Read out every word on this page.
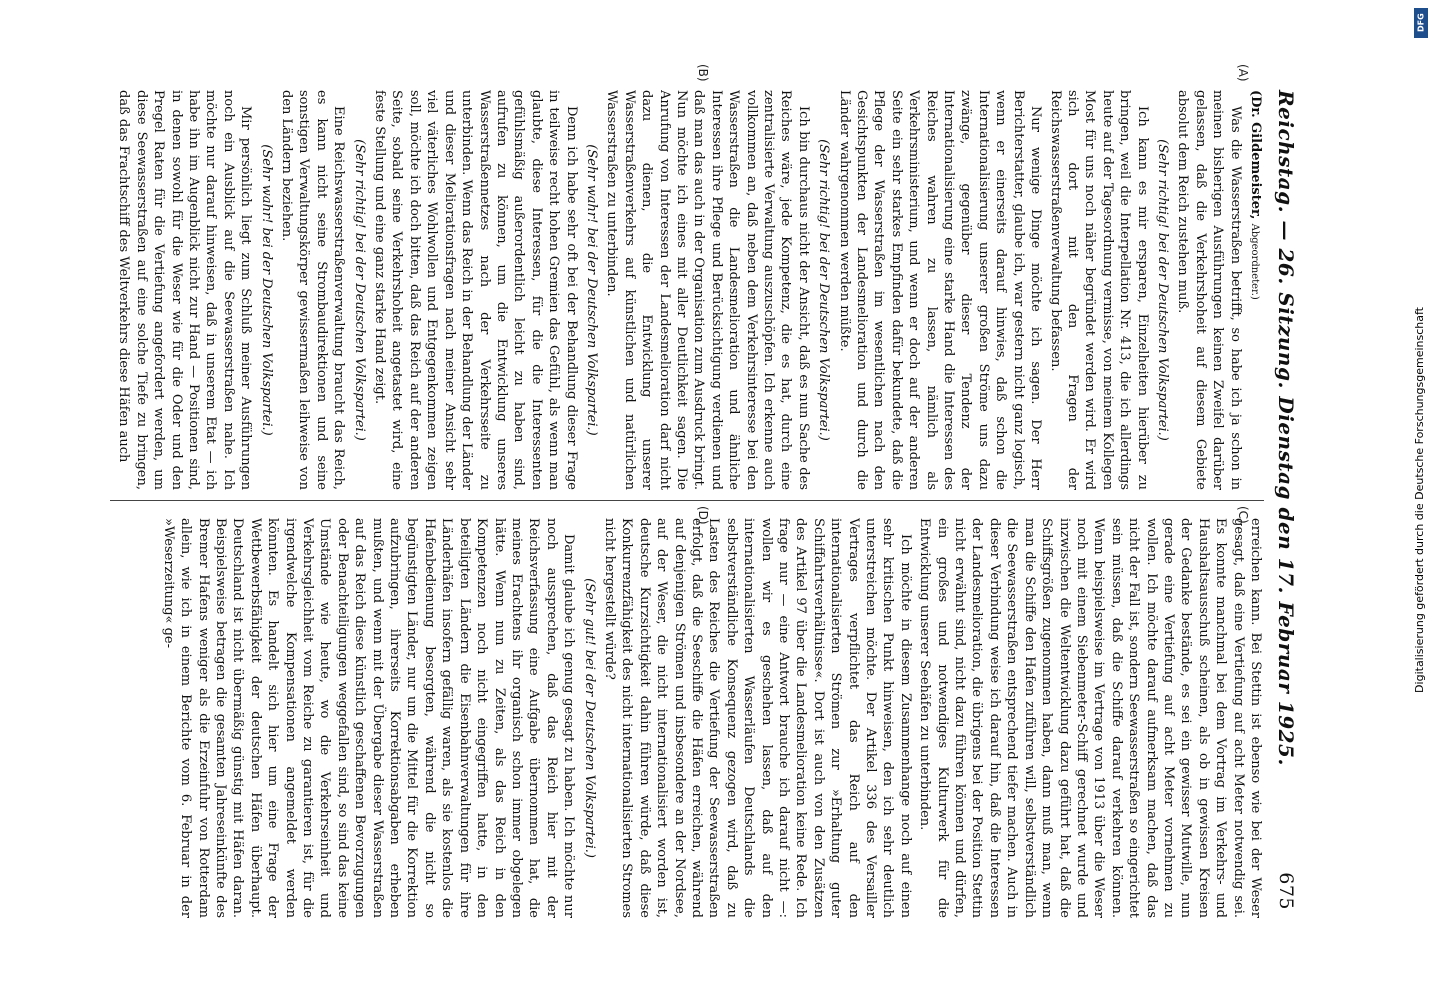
Reichstag. — 26. Sitzung. Dienstag den 17. Februar 1925.
675

(Dr. Gildemeister, Abgeordneter.)

Was die Wasserstraßen betrifft, so habe ich ja schon in meinen bisherigen Ausführungen keinen Zweifel darüber gelassen, daß die Verkehrshoheit auf diesem Gebiete absolut dem Reich zustehen muß.

(Sehr richtig! bei der Deutschen Volkspartei.)

Ich kann es mir ersparen, Einzelheiten hierüber zu bringen, weil die Interpellation Nr. 413, die ich allerdings heute auf der Tagesordnung vermisse, von meinem Kollegen Most für uns noch näher begründet werden wird. Er wird sich dort mit den Fragen der Reichswasserstraßenverwaltung befassen.

Nur wenige Dinge möchte ich sagen. Der Herr Berichterstatter, glaube ich, war gestern nicht ganz logisch, wenn er einerseits darauf hinwies, daß schon die Internationalisierung unserer großen Ströme uns dazu zwänge, gegenüber dieser Tendenz der Internationalisierung eine starke Hand die Interessen des Reiches wahren zu lassen, nämlich als Verkehrsministerium, und wenn er doch auf der anderen Seite ein sehr starkes Empfinden dafür bekundete, daß die Pflege der Wasserstraßen im wesentlichen nach den Gesichtspunkten der Landesmelioration und durch die Länder wahrgenommen werden müßte.

(Sehr richtig! bei der Deutschen Volkspartei.)

Ich bin durchaus nicht der Ansicht, daß es nun Sache des Reiches wäre, jede Kompetenz, die es hat, durch eine zentralisierte Verwaltung auszuschöpfen. Ich erkenne auch vollkommen an, daß neben dem Verkehrsinteresse bei den Wasserstraßen die Landesmelioration und ähnliche Interessen ihre Pflege und Berücksichtigung verdienen und daß man das auch in der Organisation zum Ausdruck bringt. Nun möchte ich eines mit aller Deutlichkeit sagen. Die Anrufung von Interessen der Landesmelioration darf nicht dazu dienen, die Entwicklung unserer Wasserstraßenverkehrs auf künstlichen und natürlichen Wasserstraßen zu unterbinden.

(Sehr wahr! bei der Deutschen Volkspartei.)

Denn ich habe sehr oft bei der Behandlung dieser Frage in teilweise recht hohen Gremien das Gefühl, als wenn man glaubte, diese Interessen, für die die Interessenten gefühlsmäßig außerordentlich leicht zu haben sind, aufrufen zu können, um die Entwicklung unseres Wasserstraßennetzes nach der Verkehrsseite zu unterbinden. Wenn das Reich in der Behandlung der Länder und dieser Meliorationsfragen nach meiner Ansicht sehr viel väterliches Wohlwollen und Entgegenkommen zeigen soll, möchte ich doch bitten, daß das Reich auf der anderen Seite, sobald seine Verkehrshoheit angetastet wird, eine feste Stellung und eine ganz starke Hand zeigt.

(Sehr richtig! bei der Deutschen Volkspartei.)

Eine Reichswasserstraßenverwaltung braucht das Reich, es kann nicht seine Strombaudirektionen und seine sonstigen Verwaltungskörper gewissermaßen leihweise von den Ländern beziehen.

(Sehr wahr! bei der Deutschen Volkspartei.)

Mir persönlich liegt zum Schluß meiner Ausführungen noch ein Ausblick auf die Seewasserstraßen nahe. Ich möchte nur darauf hinweisen, daß in unserem Etat — ich habe ihn im Augenblick nicht zur Hand — Positionen sind, in denen sowohl für die Weser wie für die Oder und den Pregel Raten für die Vertiefung angefordert werden, um diese Seewasserstraßen auf eine solche Tiefe zu bringen, daß das Frachtschiff des Weltverkehrs diese Häfen auch

erreichen kann. Bei Stettin ist ebenso wie bei der Weser gesagt, daß eine Vertiefung auf acht Meter notwendig sei. Es konnte manchmal bei dem Vortrag im Verkehrs- und Haushaltsausschuß scheinen, als ob in gewissen Kreisen der Gedanke bestände, es sei ein gewisser Mutwille, nun gerade eine Vertiefung auf acht Meter vornehmen zu wollen. Ich möchte darauf aufmerksam machen, daß das nicht der Fall ist, sondern Seewasserstraßen so eingerichtet sein müssen, daß die Schiffe darauf verkehren können. Wenn beispielsweise im Vertrage von 1913 über die Weser noch mit einem Siebenmeter-Schiff gerechnet wurde und inzwischen die Weltentwicklung dazu geführt hat, daß die Schiffsgrößen zugenommen haben, dann muß man, wenn man die Schiffe den Hafen zuführen will, selbstverständlich die Seewasserstraßen entsprechend tiefer machen. Auch in dieser Verbindung weise ich darauf hin, daß die Interessen der Landesmelioration, die übrigens bei der Position Stettin nicht erwähnt sind, nicht dazu führen können und dürfen, ein großes und notwendiges Kulturwerk für die Entwicklung unserer Seehäfen zu unterbinden.

Ich möchte in diesem Zusammenhange noch auf einen sehr kritischen Punkt hinweisen, den ich sehr deutlich unterstreichen möchte. Der Artikel 336 des Versailler Vertrages verpflichtet das Reich auf den internationalisierten Strömen zur »Erhaltung guter Schiffahrtsverhältnisse«. Dort ist auch von den Zusätzen des Artikel 97 über die Landesmelioration keine Rede. Ich frage nur — eine Antwort brauche ich darauf nicht —: wollen wir es geschehen lassen, daß auf den internationalisierten Wasserläufen Deutschlands die selbstverständliche Konsequenz gezogen wird, daß zu Lasten des Reiches die Vertiefung der Seewasserstraßen erfolgt, daß die Seeschiffe die Häfen erreichen, während auf denjenigen Strömen und insbesondere an der Nordsee, auf der Weser, die nicht internationalisiert worden ist, deutsche Kurzsichtigkeit dahin führen würde, daß diese Konkurrenzfähigkeit des nicht internationalisierten Stromes nicht hergestellt würde?

(Sehr gut! bei der Deutschen Volkspartei.)

Damit glaube ich genug gesagt zu haben. Ich möchte nur noch aussprechen, daß das Reich hier mit der Reichsverfassung eine Aufgabe übernommen hat, die meines Erachtens ihr organisch schon immer obgelegen hätte. Wenn nun zu Zeiten, als das Reich in den Kompetenzen noch nicht eingegriffen hatte, in den beteiligten Ländern die Eisenbahnverwaltungen für ihre Länderhäfen insofern gefällig waren, als sie kostenlos die Hafenbedienung besorgten, während die nicht so begünstigten Länder, nur um die Mittel für die Korrektion aufzubringen, ihrerseits Korrektionsabgaben erheben mußten, und wenn mit der Übergabe dieser Wasserstraßen auf das Reich diese künstlich geschaffenen Bevorzugungen oder Benachteiligungen weggefallen sind, so sind das keine Umstände wie heute, wo die Verkehrseinheit und Verkehrsgleichheit vom Reiche zu garantieren ist, für die irgendwelche Kompensationen angemeldet werden könnten. Es handelt sich hier um eine Frage der Wettbewerbsfähigkeit der deutschen Häfen überhaupt. Deutschland ist nicht übermäßig günstig mit Häfen daran. Beispielsweise betragen die gesamten Jahreseinkünfte des Bremer Hafens weniger als die Erzeinfuhr von Rotterdam allein, wie ich in einem Berichte vom 6. Februar in der »Weserzeitung« ge-

(A)
(B)
(C)
(D)
DFG
Digitalisierung gefördert durch die Deutsche Forschungsgemeinschaft
